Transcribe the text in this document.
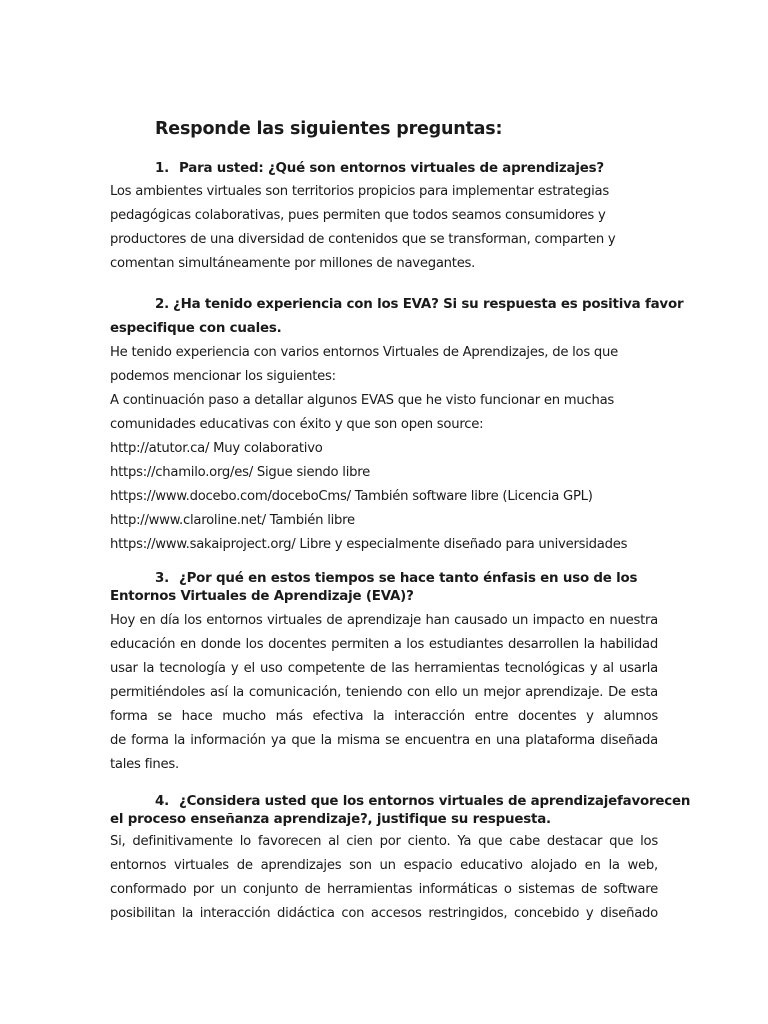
Responde las siguientes preguntas:
1. Para usted: ¿Qué son entornos virtuales de aprendizajes?
Los ambientes virtuales son territorios propicios para implementar estrategias
pedagógicas colaborativas, pues permiten que todos seamos consumidores y
productores de una diversidad de contenidos que se transforman, comparten y
comentan simultáneamente por millones de navegantes.
2. ¿Ha tenido experiencia con los EVA? Si su respuesta es positiva favor
especifique con cuales.
He tenido experiencia con varios entornos Virtuales de Aprendizajes, de los que
podemos mencionar los siguientes:
A continuación paso a detallar algunos EVAS que he visto funcionar en muchas
comunidades educativas con éxito y que son open source:
http://atutor.ca/ Muy colaborativo
https://chamilo.org/es/ Sigue siendo libre
https://www.docebo.com/doceboCms/ También software libre (Licencia GPL)
http://www.claroline.net/ También libre
https://www.sakaiproject.org/ Libre y especialmente diseñado para universidades
3. ¿Por qué en estos tiempos se hace tanto énfasis en uso de los
Entornos Virtuales de Aprendizaje (EVA)?
Hoy en día los entornos virtuales de aprendizaje han causado un impacto en nuestra
educación en donde los docentes permiten a los estudiantes desarrollen la habilidad
usar la tecnología y el uso competente de las herramientas tecnológicas y al usarla
permitiéndoles así la comunicación, teniendo con ello un mejor aprendizaje. De esta
forma se hace mucho más efectiva la interacción entre docentes y alumnos
de forma la información ya que la misma se encuentra en una plataforma diseñada
tales fines.
4. ¿Considera usted que los entornos virtuales de aprendizajefavorecen
el proceso enseñanza aprendizaje?, justifique su respuesta.
Si, definitivamente lo favorecen al cien por ciento. Ya que cabe destacar que los
entornos virtuales de aprendizajes son un espacio educativo alojado en la web,
conformado por un conjunto de herramientas informáticas o sistemas de software
posibilitan la interacción didáctica con accesos restringidos, concebido y diseñado
